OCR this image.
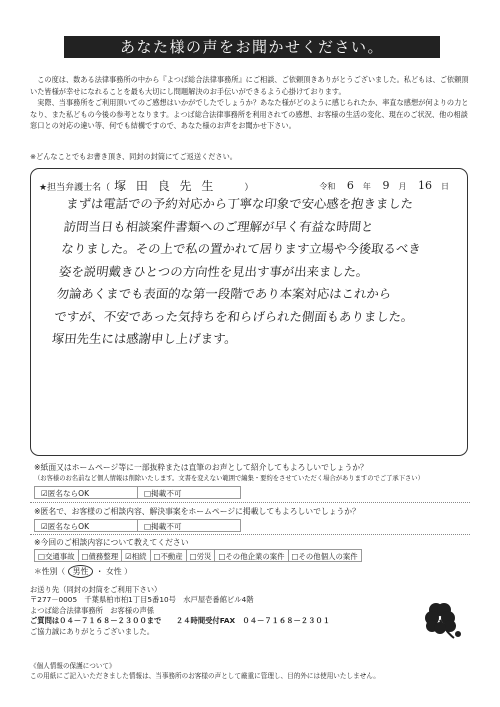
あなた様の声をお聞かせください。

この度は、数ある法律事務所の中から『よつば総合法律事務所』にご相談、ご依頼頂きありがとうございました。私どもは、ご依頼頂いた皆様が幸せになれることを最も大切にし問題解決のお手伝いができるよう心掛けております。

実際、当事務所をご利用頂いてのご感想はいかがでしたでしょうか？あなた様がどのように感じられたか、率直な感想が何よりの力となり、また私どもの今後の参考となります。よつば総合法律事務所を利用されての感想、お客様の生活の変化、現在のご状況、他の相談窓口との対応の違い等、何でも結構ですので、あなた様のお声をお聞かせ下さい。

※どんなことでもお書き頂き、同封の封筒にてご返送ください。
★担当弁護士名（ 塚 田 良 先 生	）	令和 6 年 9 月 16 日
まずは電話での予約対応から丁寧な印象で安心感を抱きました
訪問当日も相談案件書類へのご理解が早く有益な時間と
なりました。その上で私の置かれて居ります立場や今後取るべき
姿を説明戴きひとつの方向性を見出す事が出来ました。
勿論あくまでも表面的な第一段階であり本案対応はこれから
ですが、不安であった気持ちを和らげられた側面もありました。
塚田先生には感謝申し上げます。
※紙面又はホームページ等に一部抜粋または直筆のお声として紹介してもよろしいでしょうか？
（お客様のお名前など個人情報は削除いたします。文書を変えない範囲で編集・要約をさせていただく場合がありますのでご了承下さい）
☑匿名ならOK	□掲載不可
※匿名で、お客様のご相談内容、解決事案をホームページに掲載してもよろしいでしょうか？
☑匿名ならOK	□掲載不可
※今回のご相談内容について教えてください
□交通事故 □債務整理 ☑相続 □不動産 □労災 □その他企業の案件 □その他個人の案件
＊性別（ 男性 ・ 女性 ）
お送り先（同封の封筒をご利用下さい）
〒277－0005　千葉県柏市柏1丁目5番10号　水戸屋壱番館ビル4階
よつば総合法律事務所　お客様の声係
ご質問は０４－７１６８－２３００まで　　２４時間受付FAX　０４－７１６８－２３０１
ご協力誠にありがとうございました。
《個人情報の保護について》
この用紙にご記入いただきました情報は、当事務所のお客様の声として厳重に管理し、目的外には使用いたしません。
